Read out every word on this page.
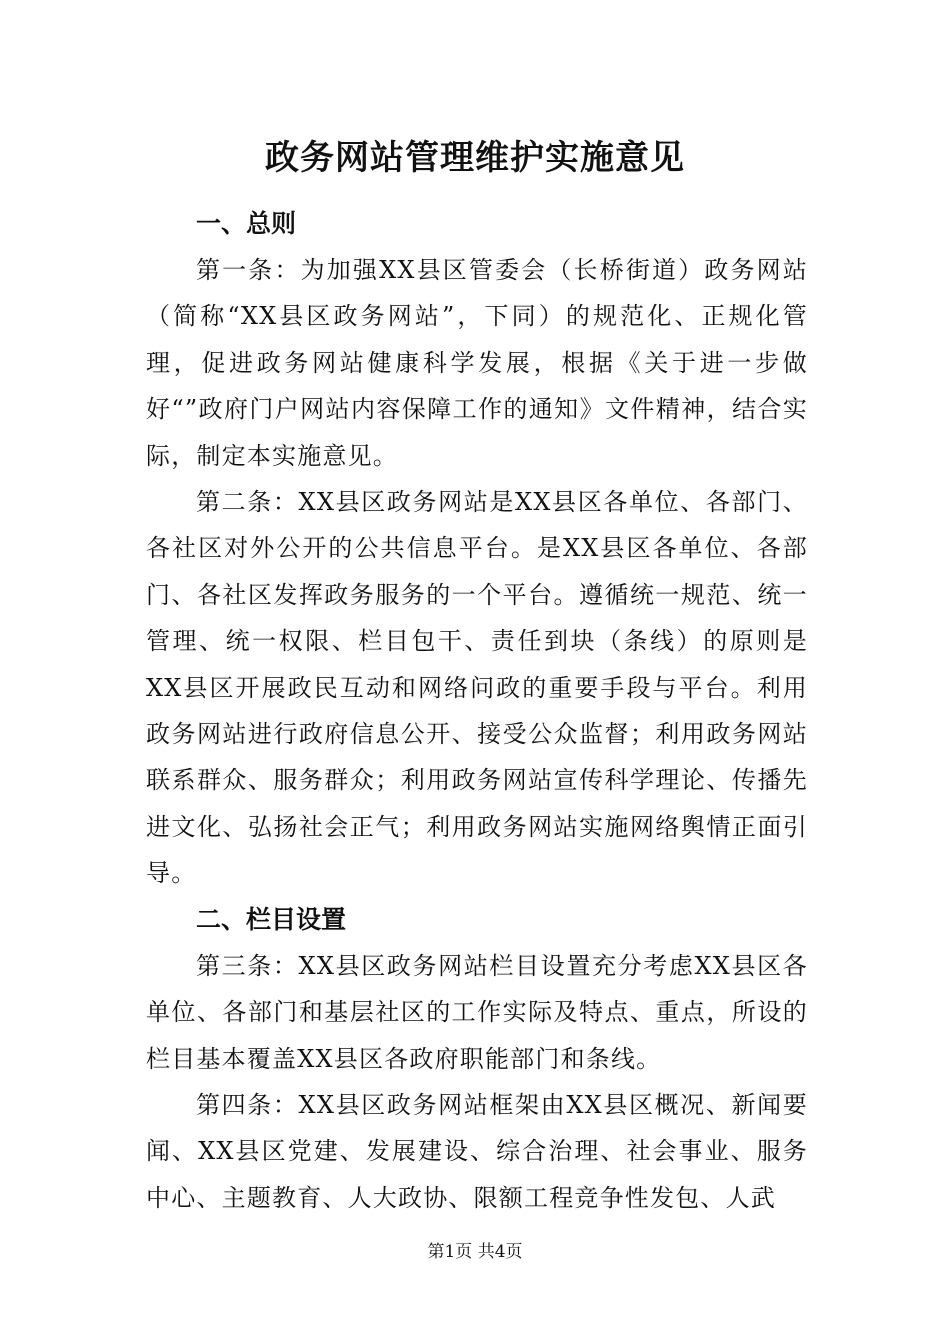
政务网站管理维护实施意见

一、总则

第一条：为加强XX县区管委会（长桥街道）政务网站（简称“XX县区政务网站”，下同）的规范化、正规化管理，促进政务网站健康科学发展，根据《关于进一步做好“”政府门户网站内容保障工作的通知》文件精神，结合实际，制定本实施意见。

第二条：XX县区政务网站是XX县区各单位、各部门、各社区对外公开的公共信息平台。是XX县区各单位、各部门、各社区发挥政务服务的一个平台。遵循统一规范、统一管理、统一权限、栏目包干、责任到块（条线）的原则是XX县区开展政民互动和网络问政的重要手段与平台。利用政务网站进行政府信息公开、接受公众监督；利用政务网站联系群众、服务群众；利用政务网站宣传科学理论、传播先进文化、弘扬社会正气；利用政务网站实施网络舆情正面引导。

二、栏目设置

第三条：XX县区政务网站栏目设置充分考虑XX县区各单位、各部门和基层社区的工作实际及特点、重点，所设的栏目基本覆盖XX县区各政府职能部门和条线。

第四条：XX县区政务网站框架由XX县区概况、新闻要闻、XX县区党建、发展建设、综合治理、社会事业、服务中心、主题教育、人大政协、限额工程竞争性发包、人武

第1页 共4页
